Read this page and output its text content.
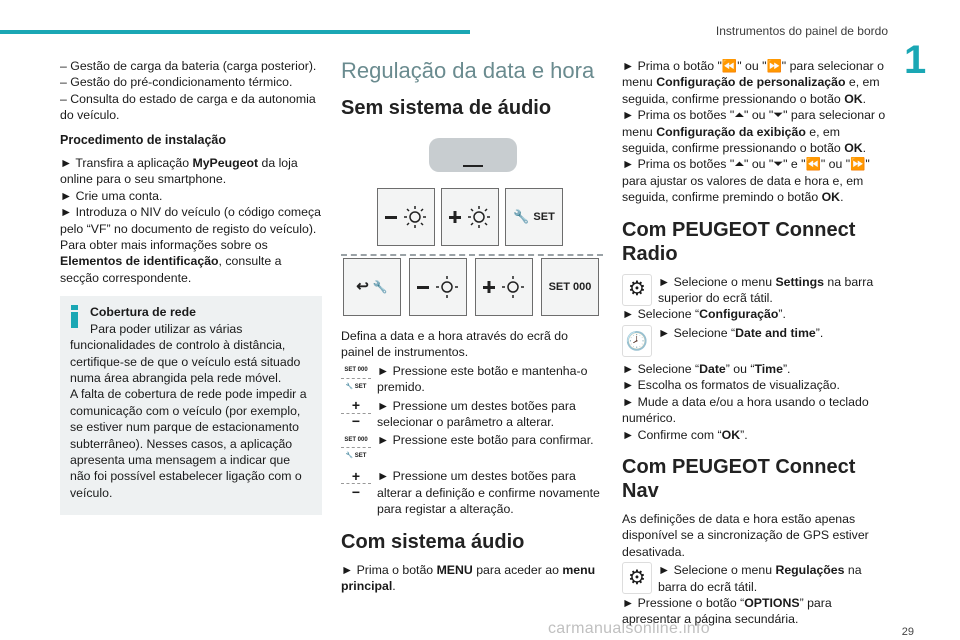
Instrumentos do painel de bordo
1
29
carmanualsonline.info

– Gestão de carga da bateria (carga posterior).

– Gestão do pré-condicionamento térmico.

– Consulta do estado de carga e da autonomia do veículo.

Procedimento de instalação

► Transfira a aplicação MyPeugeot da loja online para o seu smartphone.

► Crie uma conta.

► Introduza o NIV do veículo (o código começa pelo “VF” no documento de registo do veículo).

Para obter mais informações sobre os Elementos de identificação, consulte a secção correspondente.

Cobertura de rede

Para poder utilizar as várias

funcionalidades de controlo à distância, certifique-se de que o veículo está situado numa área abrangida pela rede móvel.

A falta de cobertura de rede pode impedir a comunicação com o veículo (por exemplo, se estiver num parque de estacionamento subterrâneo). Nesses casos, a aplicação apresenta uma mensagem a indicar que não foi possível estabelecer ligação com o veículo.

Regulação da data e hora

Sem sistema de áudio

🔧 SET
↩ 🔧	SET 000

Defina a data e a hora através do ecrã do painel de instrumentos.

SET 000
🔧 SET

► Pressione este botão e mantenha-o premido.

+
−

► Pressione um destes botões para selecionar o parâmetro a alterar.

SET 000
🔧 SET

► Pressione este botão para confirmar.

+
−

► Pressione um destes botões para alterar a definição e confirme novamente para registar a alteração.

Com sistema áudio

► Prima o botão MENU para aceder ao menu principal.

► Prima o botão "⏪" ou "⏩" para selecionar o menu Configuração de personalização e, em seguida, confirme pressionando o botão OK.

► Prima os botões "⏶" ou "⏷" para selecionar o menu Configuração da exibição e, em seguida, confirme pressionando o botão OK.

► Prima os botões "⏶" ou "⏷" e "⏪" ou "⏩" para ajustar os valores de data e hora e, em seguida, confirme premindo o botão OK.

Com PEUGEOT Connect Radio

⚙ ► Selecione o menu Settings na barra superior do ecrã tátil.

► Selecione “Configuração”.

🕗 ► Selecione “Date and time”.

► Selecione “Date” ou “Time”.

► Escolha os formatos de visualização.

► Mude a data e/ou a hora usando o teclado numérico.

► Confirme com “OK”.

Com PEUGEOT Connect Nav

As definições de data e hora estão apenas disponível se a sincronização de GPS estiver desativada.

⚙ ► Selecione o menu Regulações na barra do ecrã tátil.

► Pressione o botão “OPTIONS” para apresentar a página secundária.
